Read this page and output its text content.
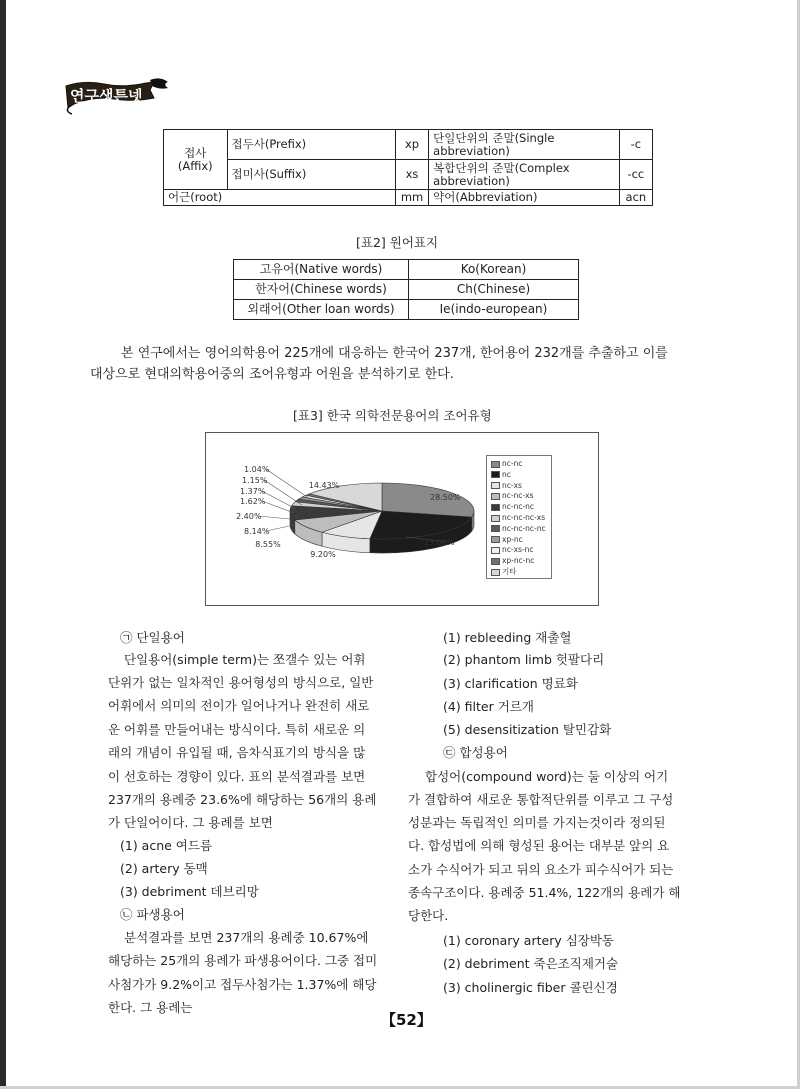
연구생튼넷
접사
(Affix)	접두사(Prefix)	xp	단일단위의 준말(Single abbreviation)	-c
	접미사(Suffix)	xs	복합단위의 준말(Complex abbreviation)	-cc
어근(root)		mm	약어(Abbreviation)	acn
[표2] 원어표지
고유어(Native words)	Ko(Korean)
한자어(Chinese words)	Ch(Chinese)
외래어(Other loan words)	Ie(indo-european)
본 연구에서는 영어의학용어 225개에 대응하는 한국어 237개, 한어용어 232개를 추출하고 이를
대상으로 현대의학용어중의 조어유형과 어원을 분석하기로 한다.
[표3] 한국 의학전문용어의 조어유형
28.50%
23.60%
9.20%
8.55%
8.14%
2.40%
1.62%
1.37%
1.15%
1.04%
14.43%
nc-nc
nc
nc-xs
nc-nc-xs
nc-nc-nc
nc-nc-nc-xs
nc-nc-nc-nc
xp-nc
nc-xs-nc
xp-nc-nc
기타
㉠ 단일용어
단일용어(simple term)는 쪼갤수 있는 어휘
단위가 없는 일차적인 용어형성의 방식으로, 일반
어휘에서 의미의 전이가 일어나거나 완전히 새로
운 어휘를 만들어내는 방식이다. 특히 새로운 의
래의 개념이 유입될 때, 음차식표기의 방식을 많
이 선호하는 경향이 있다. 표의 분석결과를 보면
237개의 용례중 23.6%에 해당하는 56개의 용례
가 단일어이다. 그 용례를 보면
(1) acne 여드름
(2) artery 동맥
(3) debriment 데브리망
㉡ 파생용어
분석결과를 보면 237개의 용례중 10.67%에
해당하는 25개의 용례가 파생용어이다. 그중 접미
사첨가가 9.2%이고 접두사첨가는 1.37%에 해당
한다. 그 용례는
(1) rebleeding 재출혈
(2) phantom limb 헛팔다리
(3) clarification 명료화
(4) filter 거르개
(5) desensitization 탈민감화
㉢ 합성용어
합성어(compound word)는 둘 이상의 어기
가 결합하여 새로운 통합적단위를 이루고 그 구성
성분과는 독립적인 의미를 가지는것이라 정의된
다. 합성법에 의해 형성된 용어는 대부분 앞의 요
소가 수식어가 되고 뒤의 요소가 피수식어가 되는
종속구조이다. 용례중 51.4%, 122개의 용례가 해
당한다.
(1) coronary artery 심장박동
(2) debriment 죽은조직제거술
(3) cholinergic fiber 콜린신경
【52】
